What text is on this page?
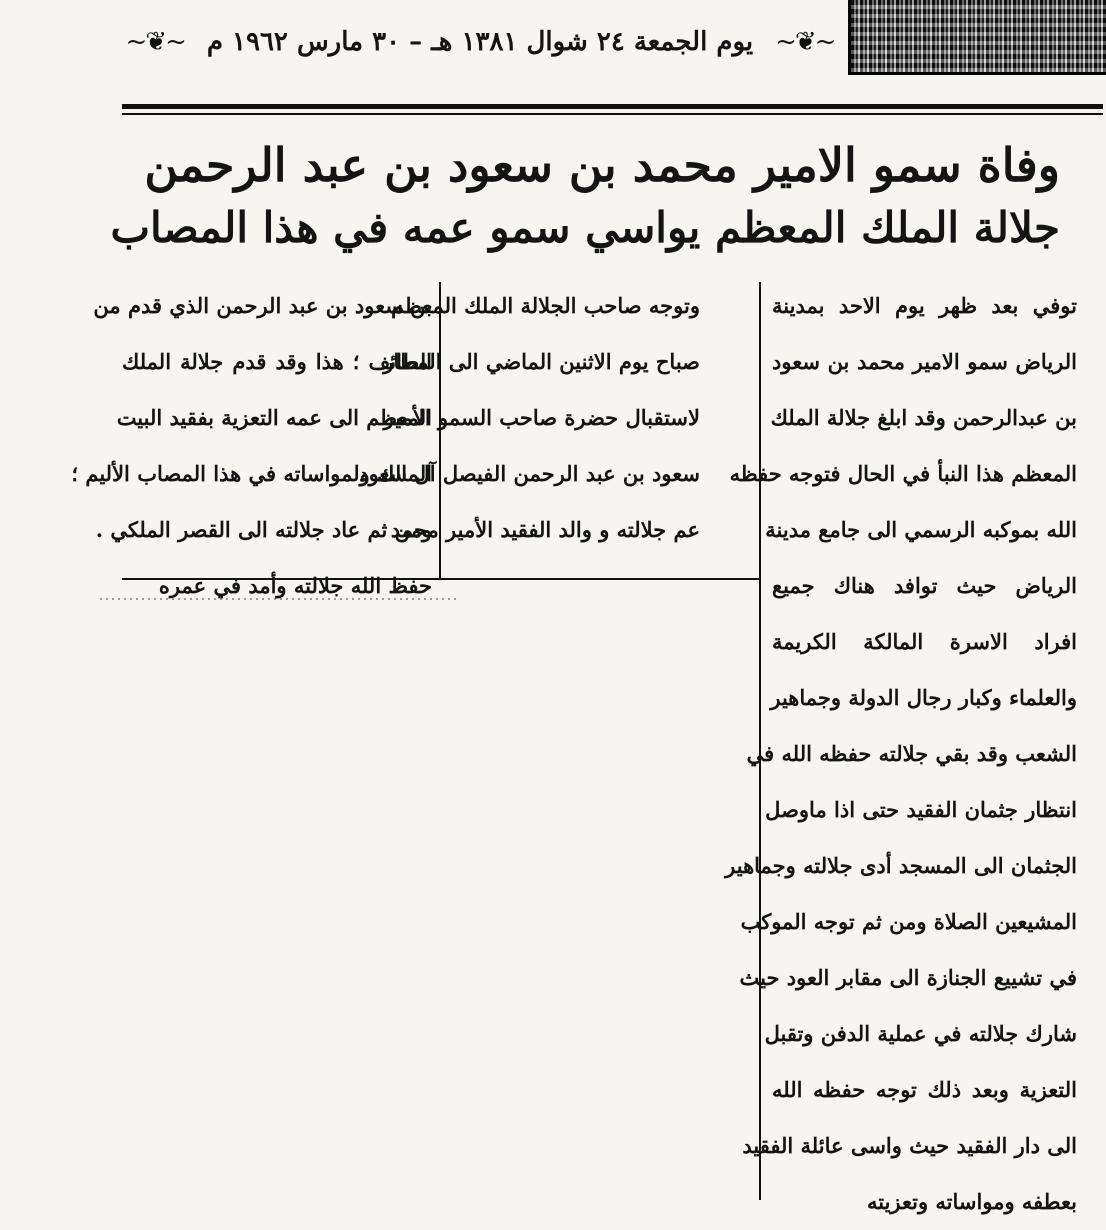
~❦~ يوم الجمعة ٢٤ شوال ١٣٨١ هـ – ٣٠ مارس ١٩٦٢ م ~❦~
وفاة سمو الامير محمد بن سعود بن عبد الرحمن
جلالة الملك المعظم يواسي سمو عمه في هذا المصاب
توفي بعد ظهر يوم الاحد بمدينة
الرياض سمو الامير محمد بن سعود
بن عبدالرحمن وقد ابلغ جلالة الملك
المعظم هذا النبأ في الحال فتوجه حفظه
الله بموكبه الرسمي الى جامع مدينة
الرياض حيث توافد هناك جميع
افراد الاسرة المالكة الكريمة
والعلماء وكبار رجال الدولة وجماهير
الشعب وقد بقي جلالته حفظه الله في
انتظار جثمان الفقيد حتى اذا ماوصل
الجثمان الى المسجد أدى جلالته وجماهير
المشيعين الصلاة ومن ثم توجه الموكب
في تشييع الجنازة الى مقابر العود حيث
شارك جلالته في عملية الدفن وتقبل
التعزية وبعد ذلك توجه حفظه الله
الى دار الفقيد حيث واسى عائلة الفقيد
بعطفه ومواساته وتعزيته
وتوجه صاحب الجلالة الملك المعظم
صباح يوم الاثنين الماضي الى المطار
لاستقبال حضرة صاحب السمو الأمير
سعود بن عبد الرحمن الفيصل آل سعود
عم جلالته و والد الفقيد الأمير محمد
بن سعود بن عبد الرحمن الذي قدم من
الطائف ؛ هذا وقد قدم جلالة الملك
المعظم الى عمه التعزية بفقيد البيت
المالك ولمواساته في هذا المصاب الأليم ؛
ومن ثم عاد جلالته الى القصر الملكي .
حفظ الله جلالته وأمد في عمره
